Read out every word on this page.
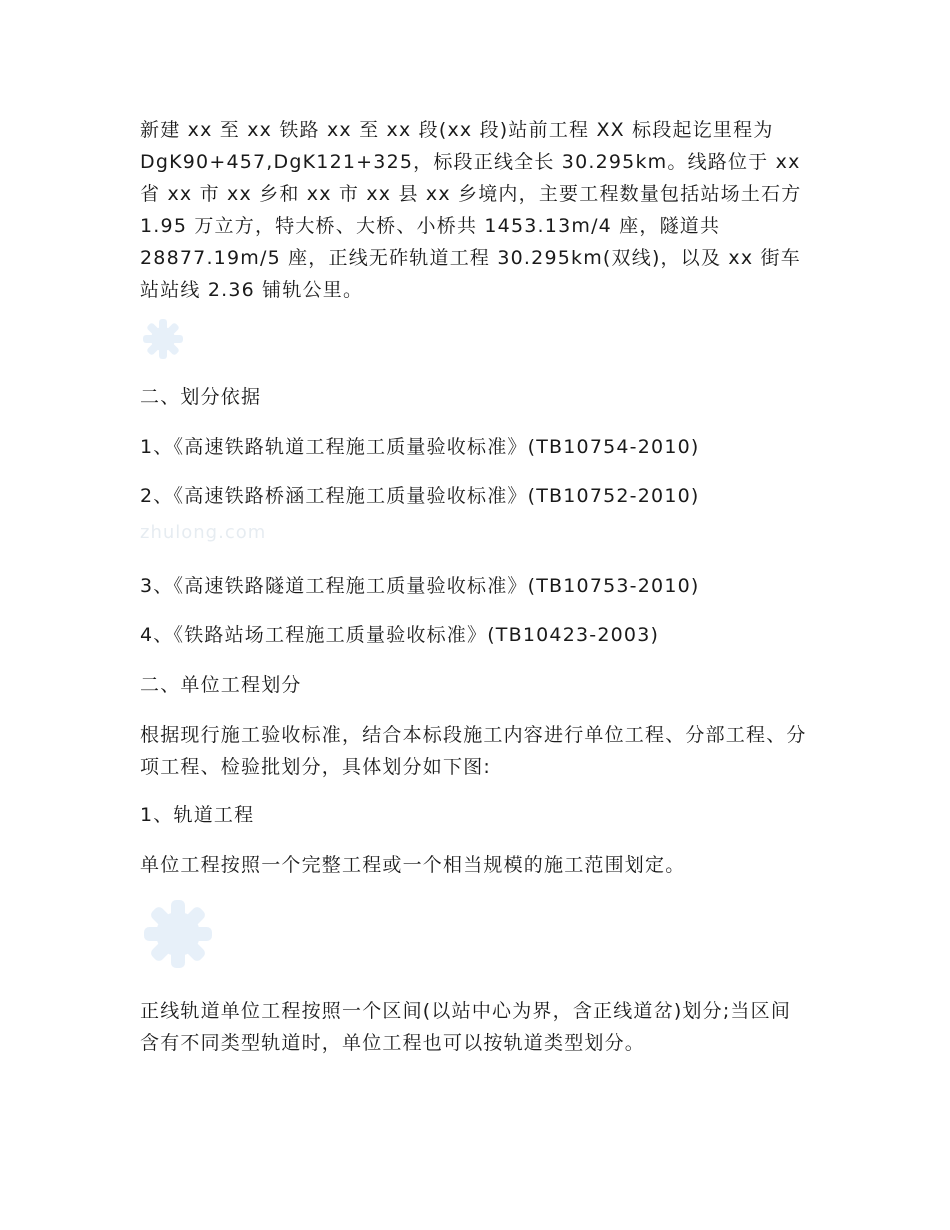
新建 xx 至 xx 铁路 xx 至 xx 段(xx 段)站前工程 XX 标段起讫里程为 DgK90+457,DgK121+325，标段正线全长 30.295km。线路位于 xx 省 xx 市 xx 乡和 xx 市 xx 县 xx 乡境内，主要工程数量包括站场土石方 1.95 万立方，特大桥、大桥、小桥共 1453.13m/4 座，隧道共 28877.19m/5 座，正线无砟轨道工程 30.295km(双线)，以及 xx 街车站站线 2.36 铺轨公里。

二、划分依据

1、《高速铁路轨道工程施工质量验收标准》(TB10754-2010)

2、《高速铁路桥涵工程施工质量验收标准》(TB10752-2010)

zhulong.com

3、《高速铁路隧道工程施工质量验收标准》(TB10753-2010)

4、《铁路站场工程施工质量验收标准》(TB10423-2003)

二、单位工程划分

根据现行施工验收标准，结合本标段施工内容进行单位工程、分部工程、分项工程、检验批划分，具体划分如下图:

1、轨道工程

单位工程按照一个完整工程或一个相当规模的施工范围划定。

正线轨道单位工程按照一个区间(以站中心为界，含正线道岔)划分;当区间含有不同类型轨道时，单位工程也可以按轨道类型划分。
